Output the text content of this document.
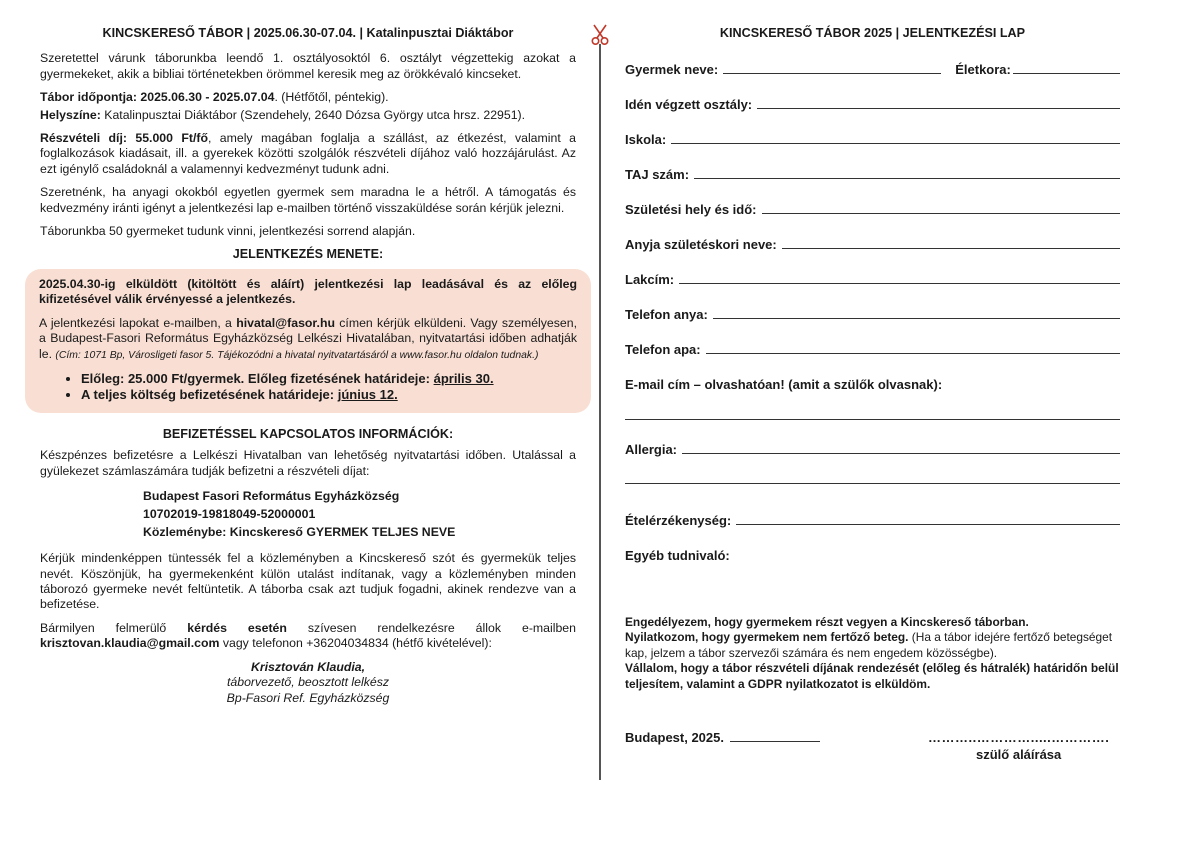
KINCSKERESŐ TÁBOR | 2025.06.30-07.04. | Katalinpusztai Diáktábor

Szeretettel várunk táborunkba leendő 1. osztályosoktól 6. osztályt végzettekig azokat a gyermekeket, akik a bibliai történetekben örömmel keresik meg az örökkévaló kincseket.

Tábor időpontja: 2025.06.30 - 2025.07.04. (Hétfőtől, péntekig).

Helyszíne: Katalinpusztai Diáktábor (Szendehely, 2640 Dózsa György utca hrsz. 22951).

Részvételi díj: 55.000 Ft/fő, amely magában foglalja a szállást, az étkezést, valamint a foglalkozások kiadásait, ill. a gyerekek közötti szolgálók részvételi díjához való hozzájárulást. Az ezt igénylő családoknál a valamennyi kedvezményt tudunk adni.

Szeretnénk, ha anyagi okokból egyetlen gyermek sem maradna le a hétről. A támogatás és kedvezmény iránti igényt a jelentkezési lap e-mailben történő visszaküldése során kérjük jelezni.

Táborunkba 50 gyermeket tudunk vinni, jelentkezési sorrend alapján.

JELENTKEZÉS MENETE:

2025.04.30-ig elküldött (kitöltött és aláírt) jelentkezési lap leadásával és az előleg kifizetésével válik érvényessé a jelentkezés.

A jelentkezési lapokat e-mailben, a hivatal@fasor.hu címen kérjük elküldeni. Vagy személyesen, a Budapest-Fasori Református Egyházközség Lelkészi Hivatalában, nyitvatartási időben adhatják le. (Cím: 1071 Bp, Városligeti fasor 5. Tájékozódni a hivatal nyitvatartásáról a www.fasor.hu oldalon tudnak.)

• Előleg: 25.000 Ft/gyermek. Előleg fizetésének határideje: április 30.
• A teljes költség befizetésének határideje: június 12.
BEFIZETÉSSEL KAPCSOLATOS INFORMÁCIÓK:

Készpénzes befizetésre a Lelkészi Hivatalban van lehetőség nyitvatartási időben. Utalással a gyülekezet számlaszámára tudják befizetni a részvételi díjat:

Budapest Fasori Református Egyházközség
10702019-19818049-52000001
Közleménybe: Kincskereső GYERMEK TELJES NEVE

Kérjük mindenképpen tüntessék fel a közleményben a Kincskereső szót és gyermekük teljes nevét. Köszönjük, ha gyermekenként külön utalást indítanak, vagy a közleményben minden táborozó gyermeke nevét feltüntetik. A táborba csak azt tudjuk fogadni, akinek rendezve van a befizetése.

Bármilyen felmerülő kérdés esetén szívesen rendelkezésre állok e-mailben krisztovan.klaudia@gmail.com vagy telefonon +36204034834 (hétfő kivételével):

Krisztován Klaudia,
táborvezető, beosztott lelkész
Bp-Fasori Ref. Egyházközség
KINCSKERESŐ TÁBOR 2025 | JELENTKEZÉSI LAP
Gyermek neve:	Életkora:
Idén végzett osztály:
Iskola:
TAJ szám:
Születési hely és idő:
Anyja születéskori neve:
Lakcím:
Telefon anya:
Telefon apa:
E-mail cím – olvashatóan! (amit a szülők olvasnak):
Allergia:
Ételérzékenység:
Egyéb tudnivaló:
Engedélyezem, hogy gyermekem részt vegyen a Kincskereső táborban.
Nyilatkozom, hogy gyermekem nem fertőző beteg. (Ha a tábor idejére fertőző betegséget kap, jelzem a tábor szervezői számára és nem engedem közösségbe).
Vállalom, hogy a tábor részvételi díjának rendezését (előleg és hátralék) határidőn belül teljesítem, valamint a GDPR nyilatkozatot is elküldöm.
Budapest, 2025.	………..………….....………….
szülő aláírása
